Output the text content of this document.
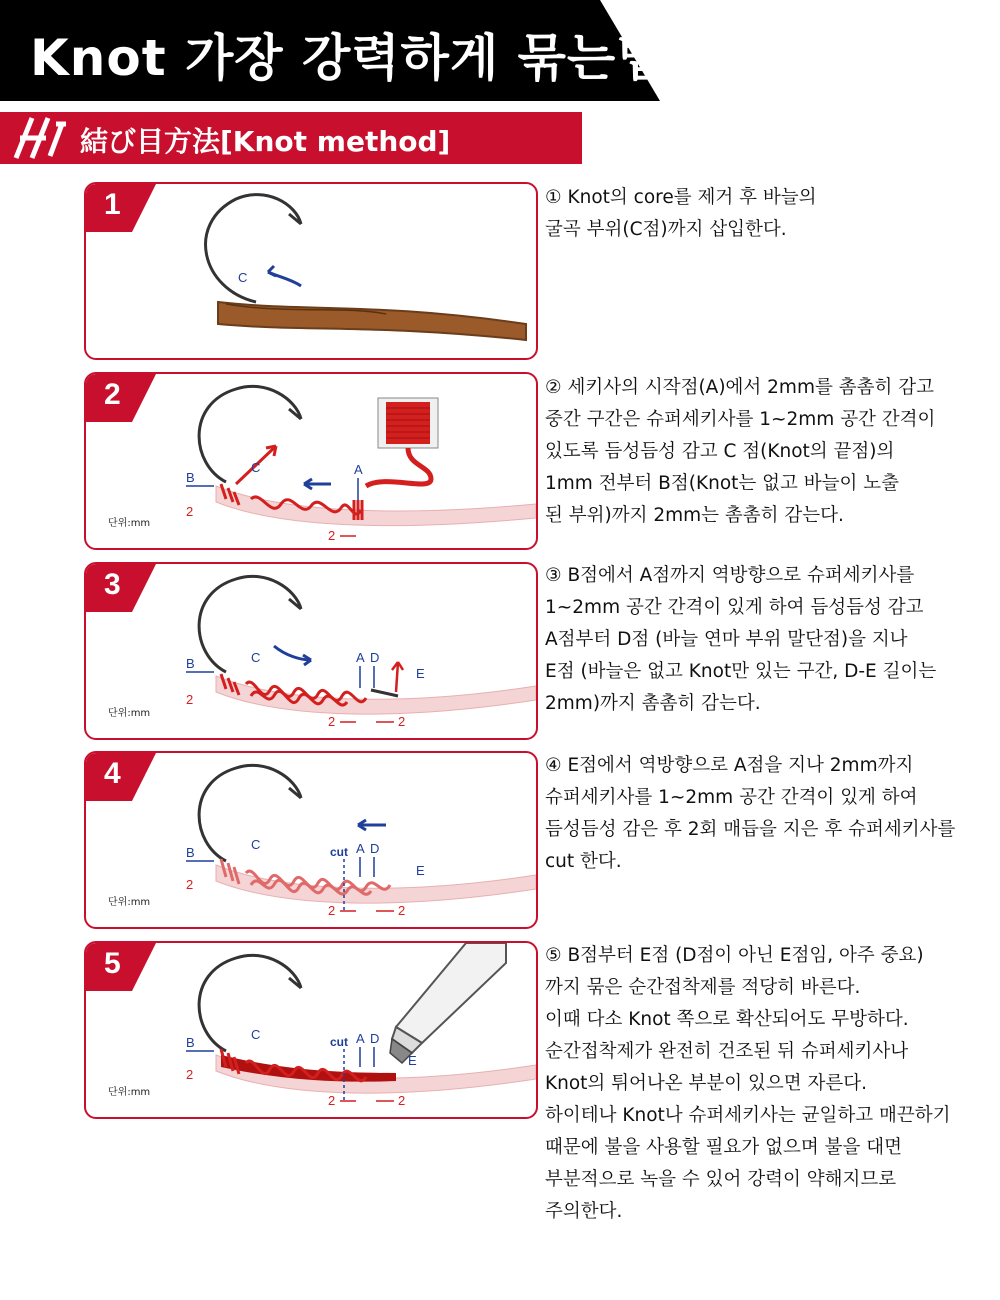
Knot 가장 강력하게 묶는법
結び目方法[Knot method]
1
C
2
단위:mm
A
B
C
2
2
3
단위:mm
A D
E
B	C
2
2	2
4
단위:mm
cut A D
E
B
C
2
2	2
5
단위:mm
cut A D
E
B
C
2
2	2
① Knot의 core를 제거 후 바늘의
굴곡 부위(C점)까지 삽입한다.
② 세키사의 시작점(A)에서 2mm를 촘촘히 감고
중간 구간은 슈퍼세키사를 1~2mm 공간 간격이
있도록 듬성듬성 감고 C 점(Knot의 끝점)의
1mm 전부터 B점(Knot는 없고 바늘이 노출
된 부위)까지 2mm는 촘촘히 감는다.
③ B점에서 A점까지 역방향으로 슈퍼세키사를
1~2mm 공간 간격이 있게 하여 듬성듬성 감고
A점부터 D점 (바늘 연마 부위 말단점)을 지나
E점 (바늘은 없고 Knot만 있는 구간, D-E 길이는
2mm)까지 촘촘히 감는다.
④ E점에서 역방향으로 A점을 지나 2mm까지
슈퍼세키사를 1~2mm 공간 간격이 있게 하여
듬성듬성 감은 후 2회 매듭을 지은 후 슈퍼세키사를
cut 한다.
⑤ B점부터 E점 (D점이 아닌 E점임, 아주 중요)
까지 묶은 순간접착제를 적당히 바른다.
이때 다소 Knot 쪽으로 확산되어도 무방하다.
순간접착제가 완전히 건조된 뒤 슈퍼세키사나
Knot의 튀어나온 부분이 있으면 자른다.
하이테나 Knot나 슈퍼세키사는 균일하고 매끈하기
때문에 불을 사용할 필요가 없으며 불을 대면
부분적으로 녹을 수 있어 강력이 약해지므로
주의한다.
